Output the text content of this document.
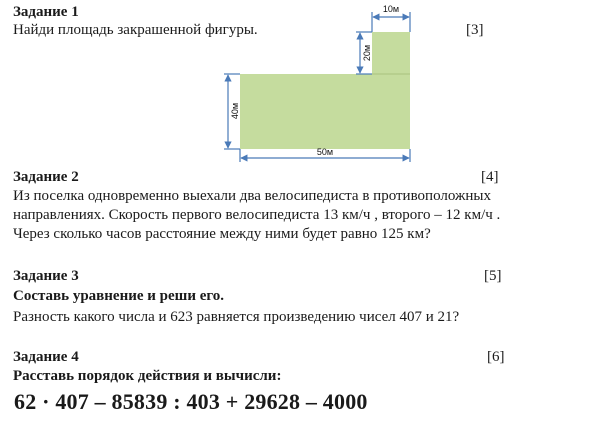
Задание 1
Найди площадь закрашенной фигуры.	[3]
10м
20м
40м
50м
Задание 2	[4]
Из поселка одновременно выехали два велосипедиста в противоположных
направлениях. Скорость первого велосипедиста 13 км/ч , второго – 12 км/ч .
Через сколько часов расстояние между ними будет равно 125 км?
Задание 3	[5]
Составь уравнение и реши его.
Разность какого числа и 623 равняется произведению чисел 407 и 21?
Задание 4	[6]
Расставь порядок действия и вычисли:
62 · 407 – 85839 : 403 + 29628 – 4000
